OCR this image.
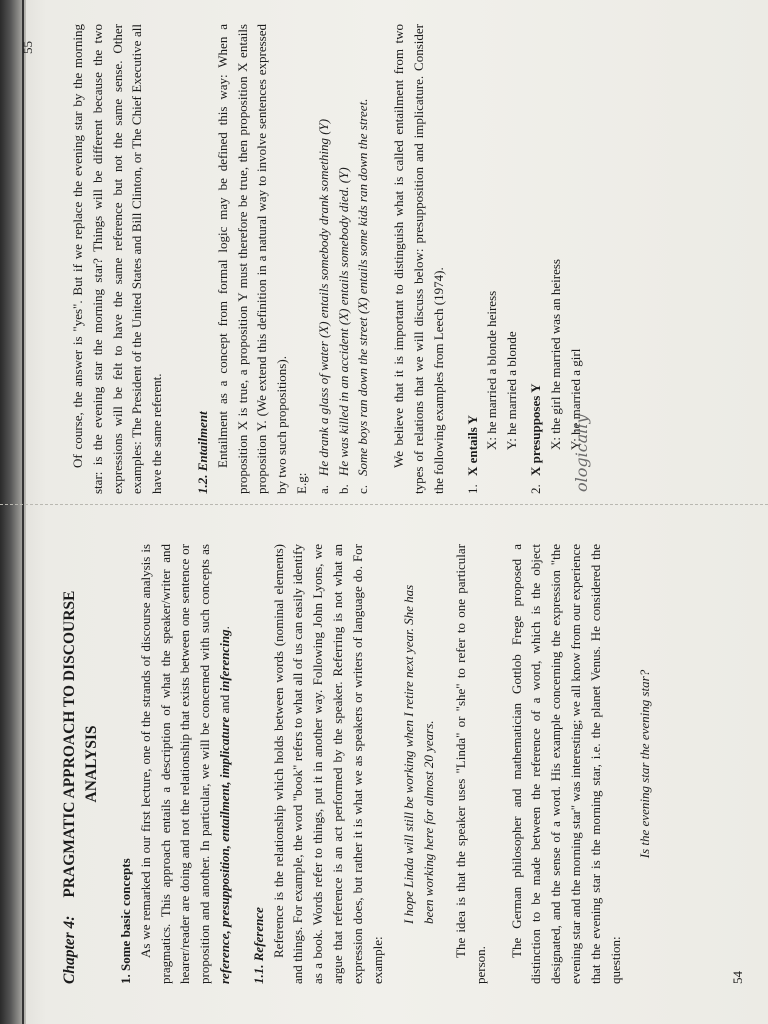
Chapter 4: PRAGMATIC APPROACH TO DISCOURSE ANALYSIS

1. Some basic concepts As we remarked in our first lecture, one of the strands of discourse analysis is pragmatics. This approach entails a description of what the speaker/writer and hearer/reader are doing and not the relationship that exists between one sentence or proposition and another. In particular, we will be concerned with such concepts as reference, presupposition, entailment, implicature and inferencing.

1.1. Reference Reference is the relationship which holds between words (nominal elements) and things. For example, the word "book" refers to what all of us can easily identify as a book. Words refer to things, put it in another way. Following John Lyons, we argue that reference is an act performed by the speaker. Referring is not what an expression does, but rather it is what we as speakers or writers of language do. For example:

I hope Linda will still be working when I retire next year. She has been working here for almost 20 years. The idea is that the speaker uses "Linda" or "she" to refer to one particular person.

The German philosopher and mathematician Gottlob Frege proposed a distinction to be made between the reference of a word, which is the object designated, and the sense of a word. His example concerning the expression "the evening star and the morning star" was interesting; we all know from our experience that the evening star is the morning star, i.e. the planet Venus. He considered the question:

Is the evening star the evening star?

54

Of course, the answer is "yes". But if we replace the evening star by the morning star: is the evening star the morning star? Things will be different because the two expressions will be felt to have the same reference but not the same sense. Other examples: The President of the United States and Bill Clinton, or The Chief Executive all have the same referent. 1.2. Entailment Entailment as a concept from formal logic may be defined this way: When a proposition X is true, a proposition Y must therefore be true, then proposition X entails proposition Y. (We extend this definition in a natural way to involve sentences expressed by two such propositions). E.g: a.
He drank a glass of water (X) entails somebody drank something (Y)
b.
He was killed in an accident (X) entails somebody died. (Y)
c.
Some boys ran down the street (X) entails some kids ran down the street. We believe that it is important to distinguish what is called entailment from two types of relations that we will discuss below: presupposition and implicature. Consider the following examples from Leech (1974). 1.
X entails Y X: he married a blonde heiress Y: he married a blonde

2.
X presupposes Y X: the girl he married was an heiress Y: he married a girl

ologically
55
